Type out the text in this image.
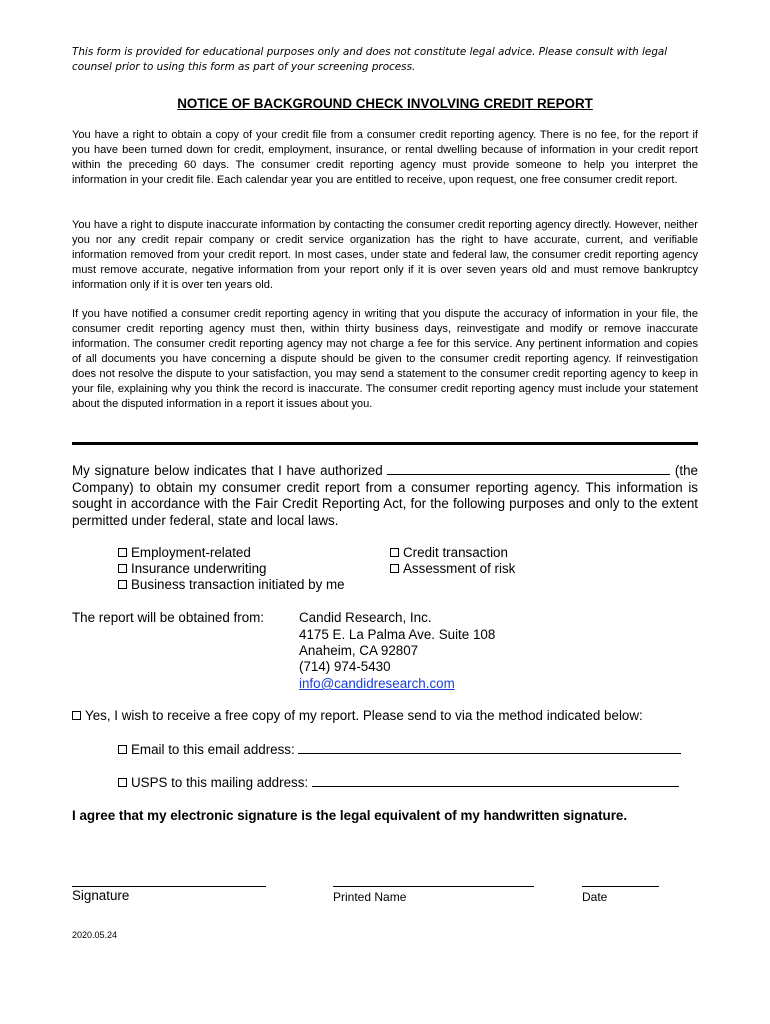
This form is provided for educational purposes only and does not constitute legal advice. Please consult with legal counsel prior to using this form as part of your screening process.
NOTICE OF BACKGROUND CHECK INVOLVING CREDIT REPORT

You have a right to obtain a copy of your credit file from a consumer credit reporting agency. There is no fee, for the report if you have been turned down for credit, employment, insurance, or rental dwelling because of information in your credit report within the preceding 60 days. The consumer credit reporting agency must provide someone to help you interpret the information in your credit file. Each calendar year you are entitled to receive, upon request, one free consumer credit report.

You have a right to dispute inaccurate information by contacting the consumer credit reporting agency directly. However, neither you nor any credit repair company or credit service organization has the right to have accurate, current, and verifiable information removed from your credit report. In most cases, under state and federal law, the consumer credit reporting agency must remove accurate, negative information from your report only if it is over seven years old and must remove bankruptcy information only if it is over ten years old.

If you have notified a consumer credit reporting agency in writing that you dispute the accuracy of information in your file, the consumer credit reporting agency must then, within thirty business days, reinvestigate and modify or remove inaccurate information. The consumer credit reporting agency may not charge a fee for this service. Any pertinent information and copies of all documents you have concerning a dispute should be given to the consumer credit reporting agency. If reinvestigation does not resolve the dispute to your satisfaction, you may send a statement to the consumer credit reporting agency to keep in your file, explaining why you think the record is inaccurate. The consumer credit reporting agency must include your statement about the disputed information in a report it issues about you.

My signature below indicates that I have authorized	(the Company) to obtain my consumer credit report from a consumer reporting agency. This information is sought in accordance with the Fair Credit Reporting Act, for the following purposes and only to the extent permitted under federal, state and local laws.
Employment-related
Insurance underwriting
Business transaction initiated by me
Credit transaction
Assessment of risk
The report will be obtained from:	Candid Research, Inc.
4175 E. La Palma Ave. Suite 108
Anaheim, CA 92807
(714) 974-5430
info@candidresearch.com
Yes, I wish to receive a free copy of my report. Please send to via the method indicated below:
Email to this email address:
USPS to this mailing address:
I agree that my electronic signature is the legal equivalent of my handwritten signature.
Signature	Printed Name	Date
2020.05.24
